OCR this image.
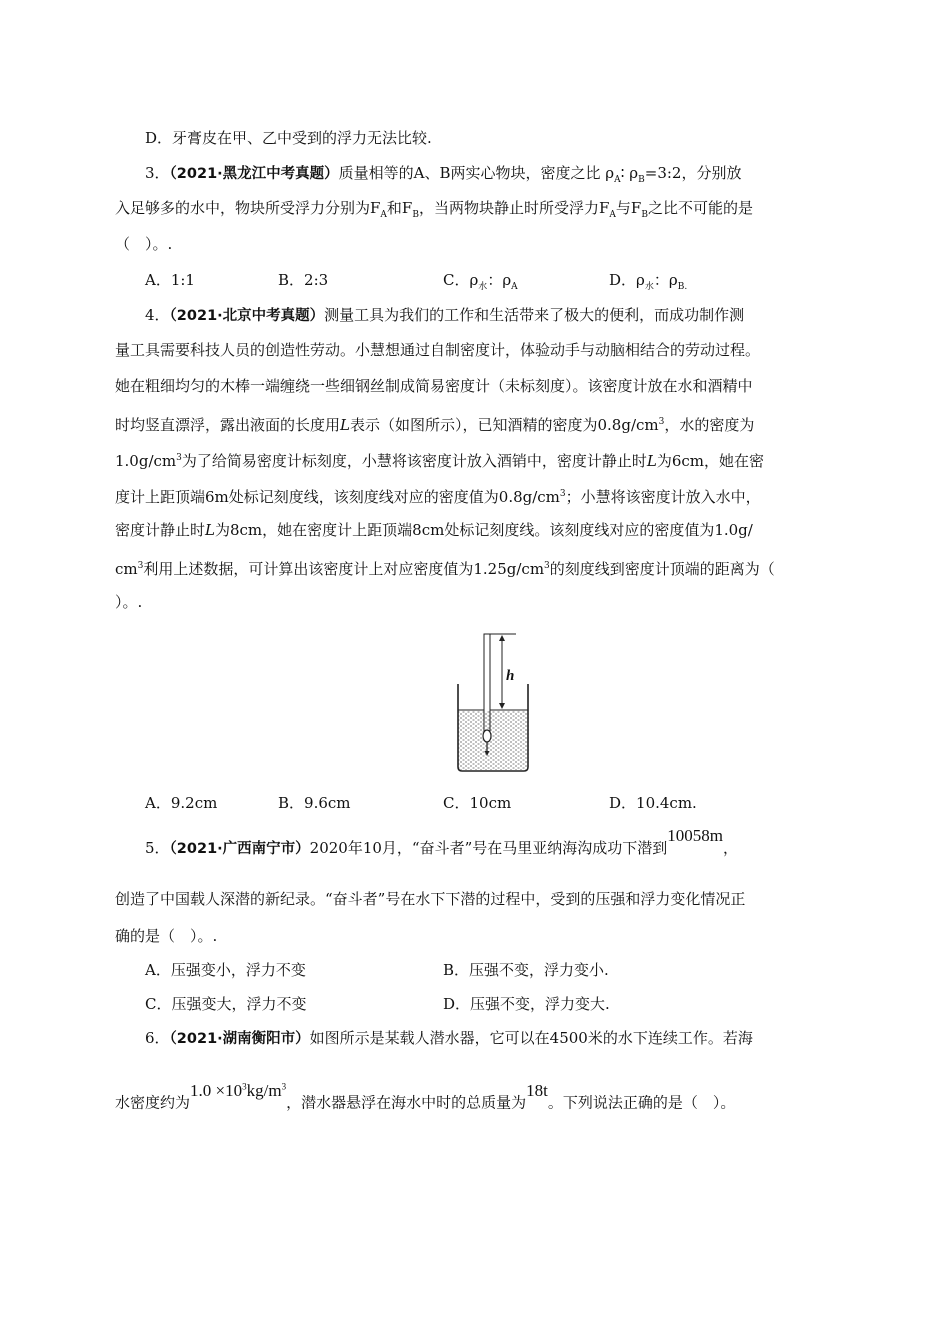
D．牙膏皮在甲、乙中受到的浮力无法比较.
3．（2021·黑龙江中考真题）质量相等的A、B两实心物块，密度之比 $\rho_A∶$ $\rho_B=3:2$，分别放
入足够多的水中，物块所受浮力分别为$F_A$和$F_B$，当两物块静止时所受浮力$F_A$与$F_B$之比不可能的是
（　）。.
A．1:1	B．2:3	C．$\rho_水$：$\rho_A$	D．$\rho_水$：$\rho_{B.}$
4．（2021·北京中考真题）测量工具为我们的工作和生活带来了极大的便利，而成功制作测
量工具需要科技人员的创造性劳动。小慧想通过自制密度计，体验动手与动脑相结合的劳动过程。
她在粗细均匀的木棒一端缠绕一些细钢丝制成简易密度计（未标刻度）。该密度计放在水和酒精中
时均竖直漂浮，露出液面的长度用L表示（如图所示），已知酒精的密度为$0.8g/cm^3$，水的密度为
$1.0g/cm^3$为了给简易密度计标刻度，小慧将该密度计放入酒销中，密度计静止时L为6cm，她在密
度计上距顶端6m处标记刻度线，该刻度线对应的密度值为$0.8g/cm^3$；小慧将该密度计放入水中，
密度计静止时L为8cm，她在密度计上距顶端8cm处标记刻度线。该刻度线对应的密度值为1.0g/
$cm^3$利用上述数据，可计算出该密度计上对应密度值为$1.25g/cm^3$的刻度线到密度计顶端的距离为（
）。.
h
A．9.2cm	B．9.6cm	C．10cm	D．10.4cm.
5．（2021·广西南宁市）2020年10月，“奋斗者”号在马里亚纳海沟成功下潜到10058m，
创造了中国载人深潜的新纪录。“奋斗者”号在水下下潜的过程中，受到的压强和浮力变化情况正
确的是（　）。.
A．压强变小，浮力不变	B．压强不变，浮力变小.
C．压强变大，浮力不变	D．压强不变，浮力变大.
6．（2021·湖南衡阳市）如图所示是某载人潜水器，它可以在4500米的水下连续工作。若海
水密度约为$1.0 \times 10^3kg/m^3$，潜水器悬浮在海水中时的总质量为18t。下列说法正确的是（　）。
